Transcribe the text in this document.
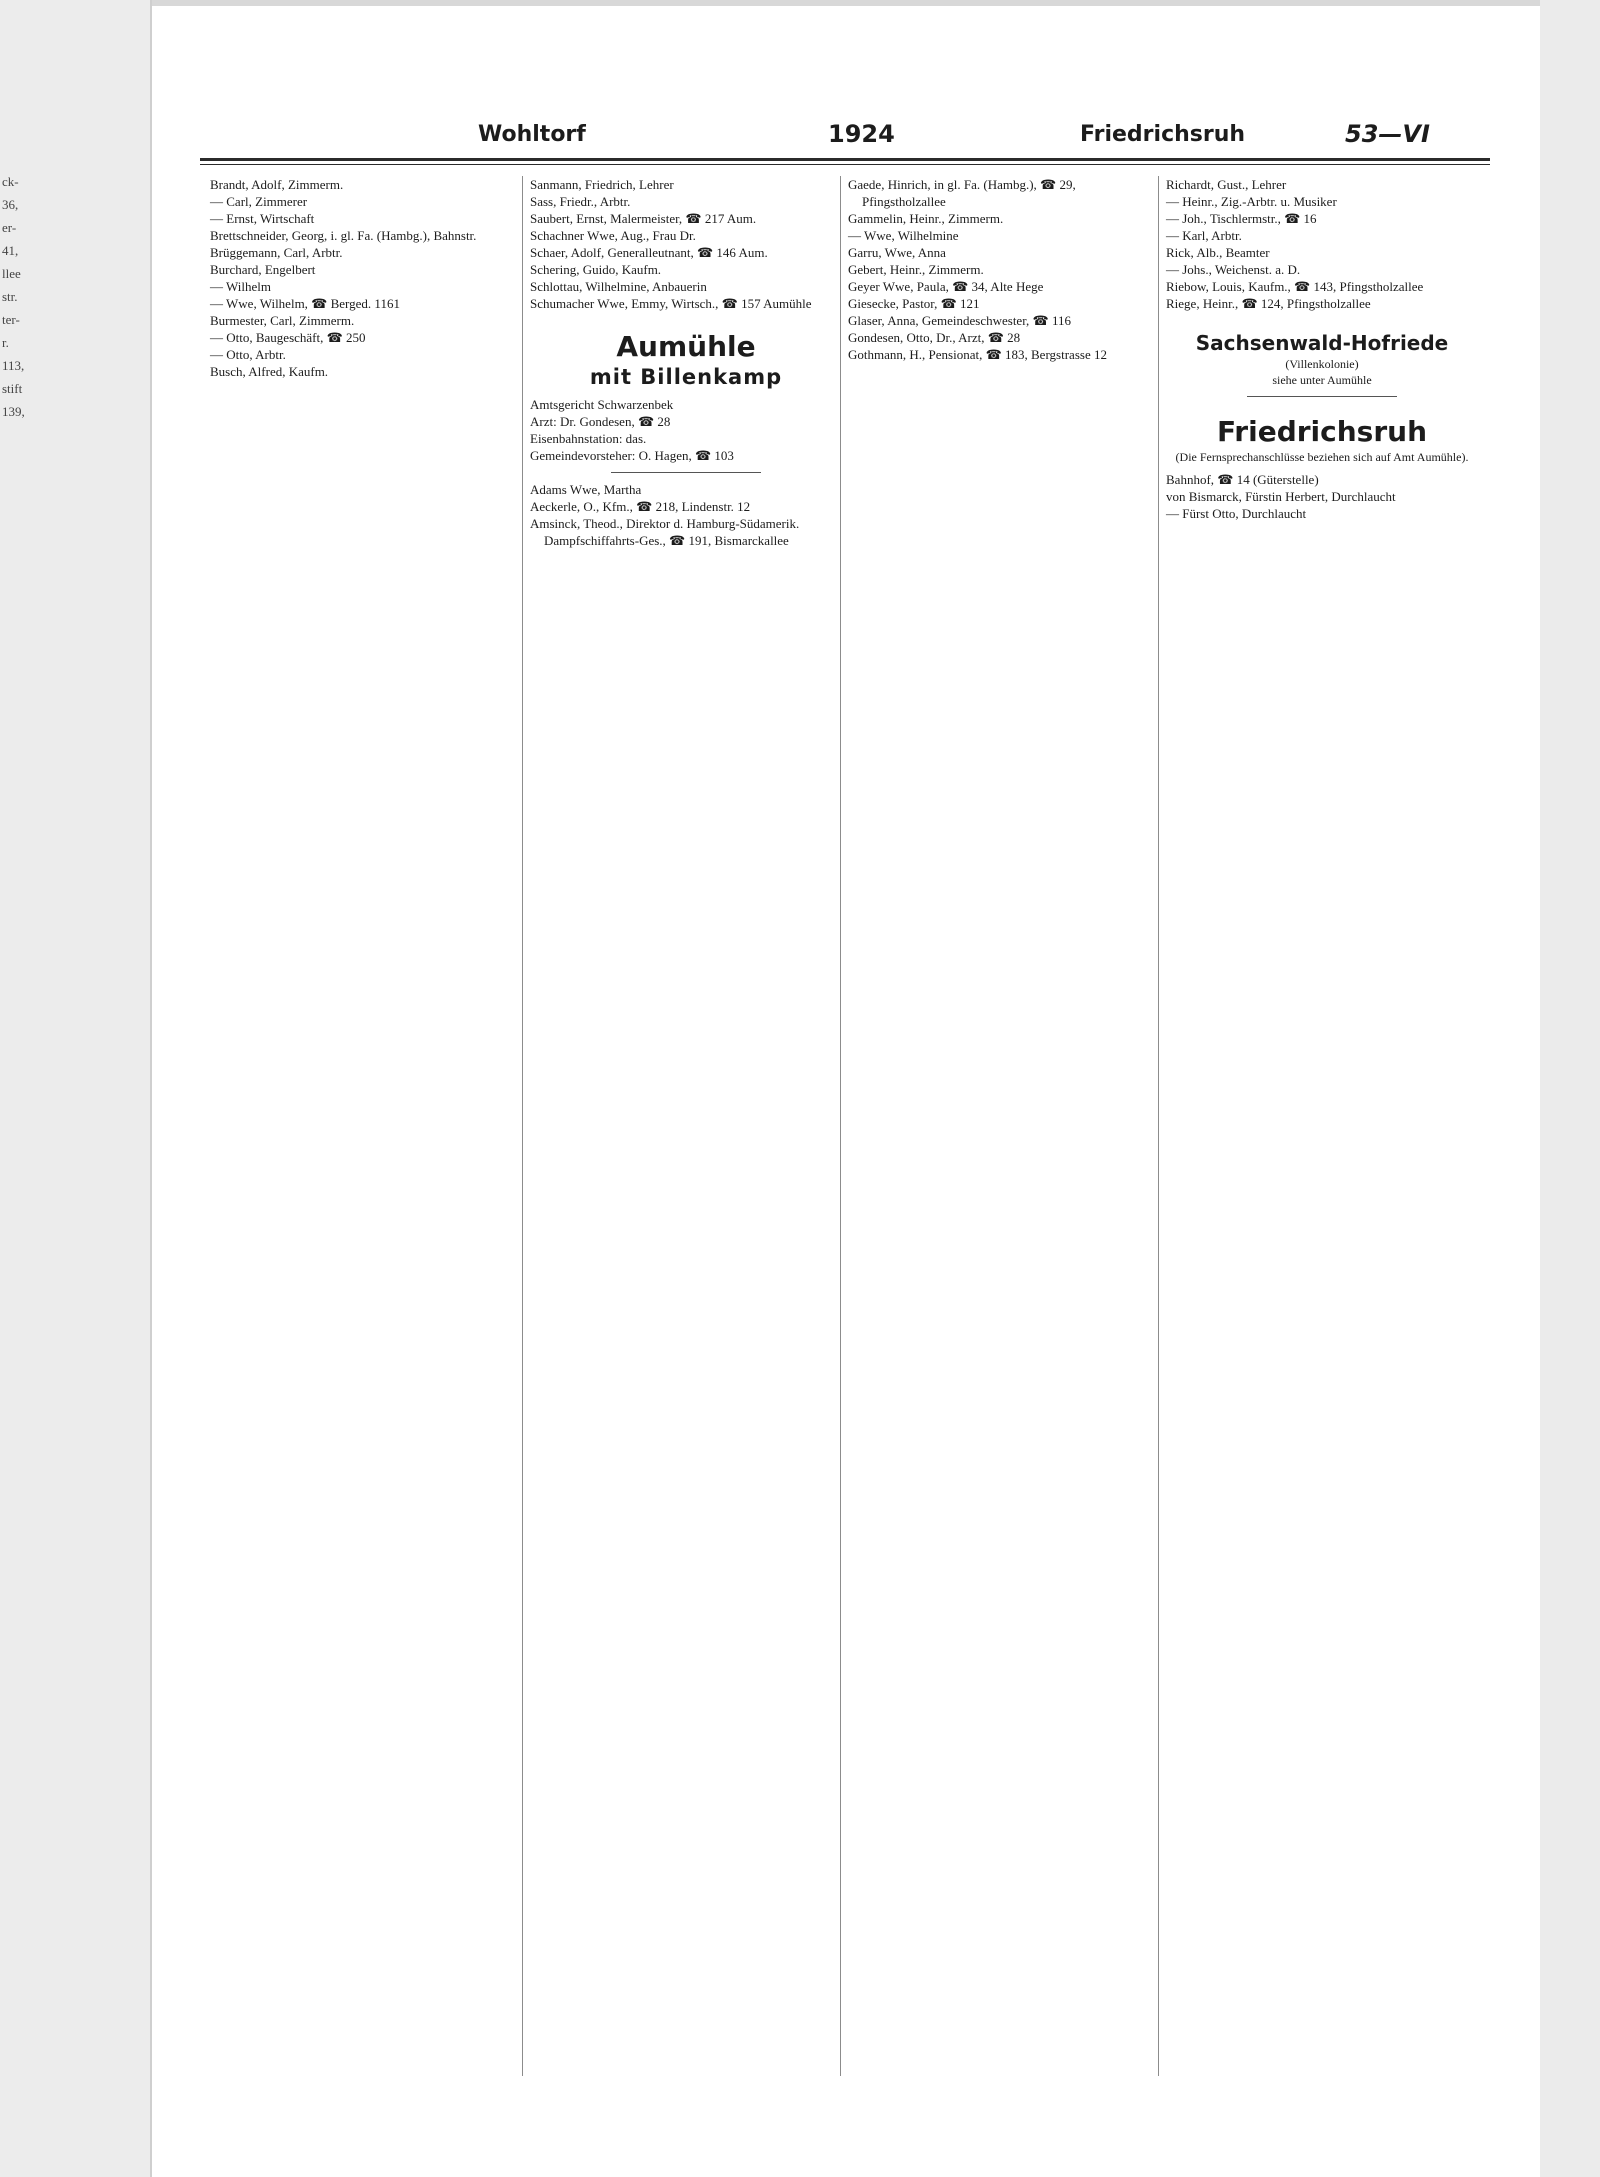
ck-
36,
er-
41,
llee
str.
ter-
r.
113,
stift
139,
Wohltorf	1924	Friedrichsruh	53—VI
Brandt, Adolf, Zimmerm.
— Carl, Zimmerer
— Ernst, Wirtschaft
Brettschneider, Georg, i. gl. Fa. (Hambg.), Bahnstr.
Brüggemann, Carl, Arbtr.
Burchard, Engelbert
— Wilhelm
— Wwe, Wilhelm, ☎ Berged. 1161
Burmester, Carl, Zimmerm.
— Otto, Baugeschäft, ☎ 250
— Otto, Arbtr.
Busch, Alfred, Kaufm.
Sanmann, Friedrich, Lehrer
Sass, Friedr., Arbtr.
Saubert, Ernst, Malermeister, ☎ 217 Aum.
Schachner Wwe, Aug., Frau Dr.
Schaer, Adolf, Generalleutnant, ☎ 146 Aum.
Schering, Guido, Kaufm.
Schlottau, Wilhelmine, Anbauerin
Schumacher Wwe, Emmy, Wirtsch., ☎ 157 Aumühle
Aumühle
mit Billenkamp
Amtsgericht Schwarzenbek
Arzt: Dr. Gondesen, ☎ 28
Eisenbahnstation: das.
Gemeindevorsteher: O. Hagen, ☎ 103
Adams Wwe, Martha
Aeckerle, O., Kfm., ☎ 218, Lindenstr. 12
Amsinck, Theod., Direktor d. Hamburg-Südamerik. Dampfschiffahrts-Ges., ☎ 191, Bismarckallee
Gaede, Hinrich, in gl. Fa. (Hambg.), ☎ 29, Pfingstholzallee
Gammelin, Heinr., Zimmerm.
— Wwe, Wilhelmine
Garru, Wwe, Anna
Gebert, Heinr., Zimmerm.
Geyer Wwe, Paula, ☎ 34, Alte Hege
Giesecke, Pastor, ☎ 121
Glaser, Anna, Gemeindeschwester, ☎ 116
Gondesen, Otto, Dr., Arzt, ☎ 28
Gothmann, H., Pensionat, ☎ 183, Bergstrasse 12
Richardt, Gust., Lehrer
— Heinr., Zig.-Arbtr. u. Musiker
— Joh., Tischlermstr., ☎ 16
— Karl, Arbtr.
Rick, Alb., Beamter
— Johs., Weichenst. a. D.
Riebow, Louis, Kaufm., ☎ 143, Pfingstholzallee
Riege, Heinr., ☎ 124, Pfingstholzallee
Sachsenwald-Hofriede
(Villenkolonie)
siehe unter Aumühle
Friedrichsruh
(Die Fernsprechanschlüsse beziehen sich auf Amt Aumühle).
Bahnhof, ☎ 14 (Güterstelle)
von Bismarck, Fürstin Herbert, Durchlaucht
— Fürst Otto, Durchlaucht
